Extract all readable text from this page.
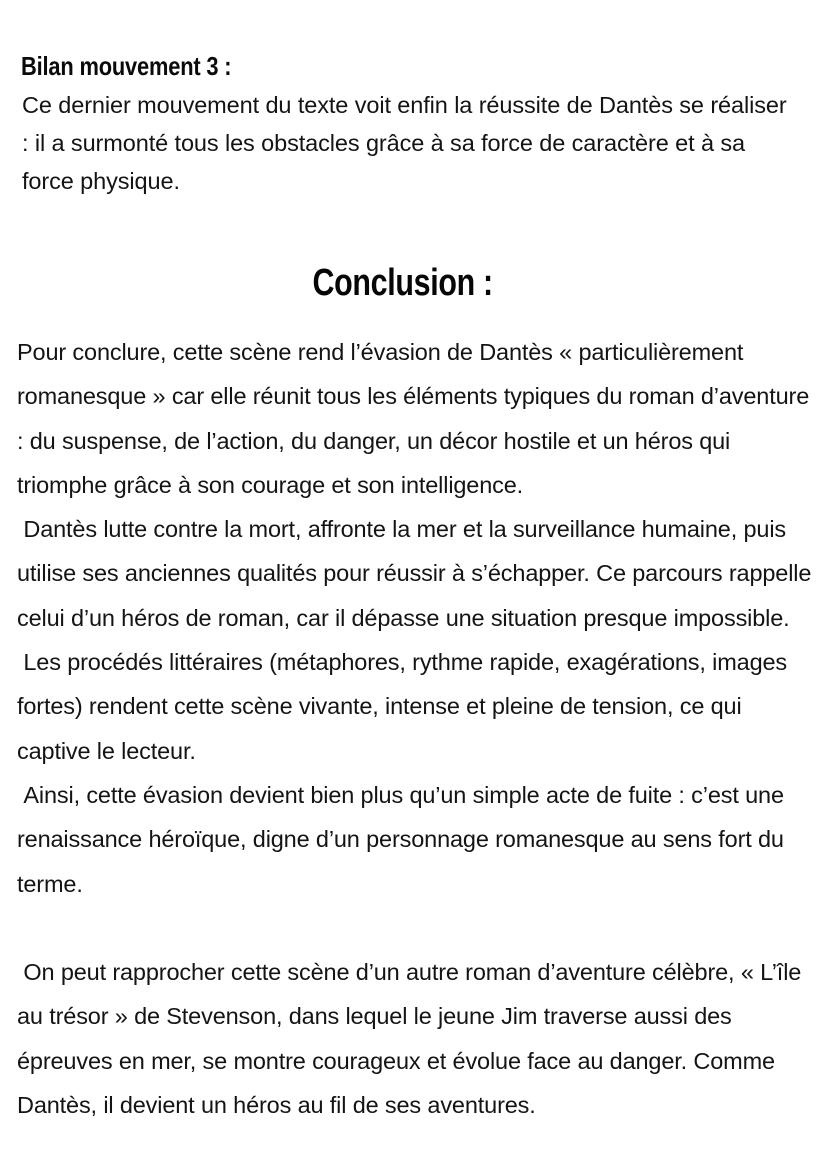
Bilan mouvement 3 :

Ce dernier mouvement du texte voit enfin la réussite de Dantès se réaliser : il a surmonté tous les obstacles grâce à sa force de caractère et à sa force physique.

Conclusion :

Pour conclure, cette scène rend l’évasion de Dantès « particulièrement romanesque » car elle réunit tous les éléments typiques du roman d’aventure : du suspense, de l’action, du danger, un décor hostile et un héros qui triomphe grâce à son courage et son intelligence.

Dantès lutte contre la mort, affronte la mer et la surveillance humaine, puis utilise ses anciennes qualités pour réussir à s’échapper. Ce parcours rappelle celui d’un héros de roman, car il dépasse une situation presque impossible.

Les procédés littéraires (métaphores, rythme rapide, exagérations, images fortes) rendent cette scène vivante, intense et pleine de tension, ce qui captive le lecteur.

Ainsi, cette évasion devient bien plus qu’un simple acte de fuite : c’est une renaissance héroïque, digne d’un personnage romanesque au sens fort du terme.

On peut rapprocher cette scène d’un autre roman d’aventure célèbre, « L’île au trésor » de Stevenson, dans lequel le jeune Jim traverse aussi des épreuves en mer, se montre courageux et évolue face au danger. Comme Dantès, il devient un héros au fil de ses aventures.
